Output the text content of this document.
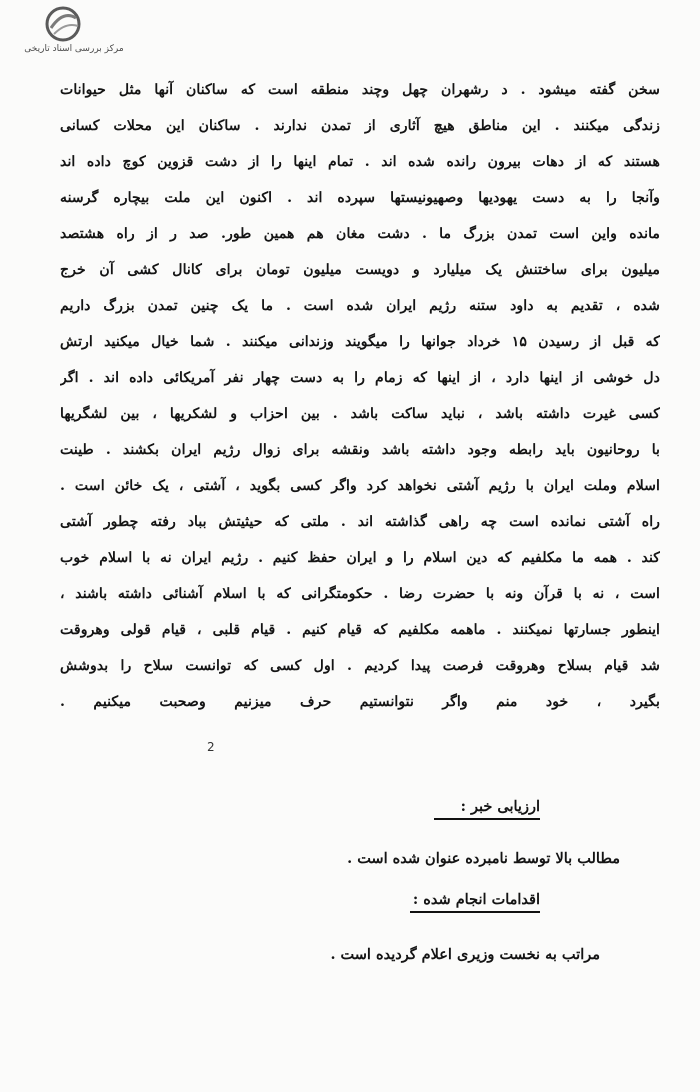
مرکز بررسی اسناد تاریخی
سخن گفته میشود . د رشهران چهل وچند منطقه است که ساکنان آنها مثل حیوانات
زندگی میکنند . این مناطق هیچ آثاری از تمدن ندارند . ساکنان این محلات کسانی
هستند که از دهات بیرون رانده شده اند . تمام اینها را از دشت قزوین کوچ داده اند
وآنجا را به دست یهودیها وصهیونیستها سپرده اند . اکنون این ملت بیچاره گرسنه
مانده واین است تمدن بزرگ ما . دشت مغان هم همین طور. صد ر از راه هشتصد
میلیون برای ساختنش یک میلیارد و دویست میلیون تومان برای کانال کشی آن خرج
شده ، تقدیم به داود ستنه رژیم ایران شده است . ما یک چنین تمدن بزرگ داریم
که قبل از رسیدن ۱۵ خرداد جوانها را میگویند وزندانی میکنند . شما خیال میکنید ارتش
دل خوشی از اینها دارد ، از اینها که زمام را به دست چهار نفر آمریکائی داده اند . اگر
کسی غیرت داشته باشد ، نباید ساکت باشد . بین احزاب و لشکریها ، بین لشگریها
با روحانیون باید رابطه وجود داشته باشد ونقشه برای زوال رژیم ایران بکشند . طینت
اسلام وملت ایران با رژیم آشتی نخواهد کرد واگر کسی بگوید ، آشتی ، یک خائن است .
راه آشتی نمانده است چه راهی گذاشته اند . ملتی که حیثیتش بباد رفته چطور آشتی
کند . همه ما مکلفیم که دین اسلام را و ایران حفظ کنیم . رژیم ایران نه با اسلام خوب
است ، نه با قرآن ونه با حضرت رضا . حکومتگرانی که با اسلام آشنائی داشته باشند ،
اینطور جسارتها نمیکنند . ماهمه مکلفیم که قیام کنیم . قیام قلبی ، قیام قولی وهروقت
شد قیام بسلاح وهروقت فرصت پیدا کردیم . اول کسی که توانست سلاح را بدوشش
بگیرد ، خود منم واگر نتوانستیم حرف میزنیم وصحبت میکنیم .
2
ارزیابی خبر :
مطالب بالا توسط نامبرده عنوان شده است .
اقدامات انجام شده :
مراتب به نخست وزیری اعلام گردیده است .
